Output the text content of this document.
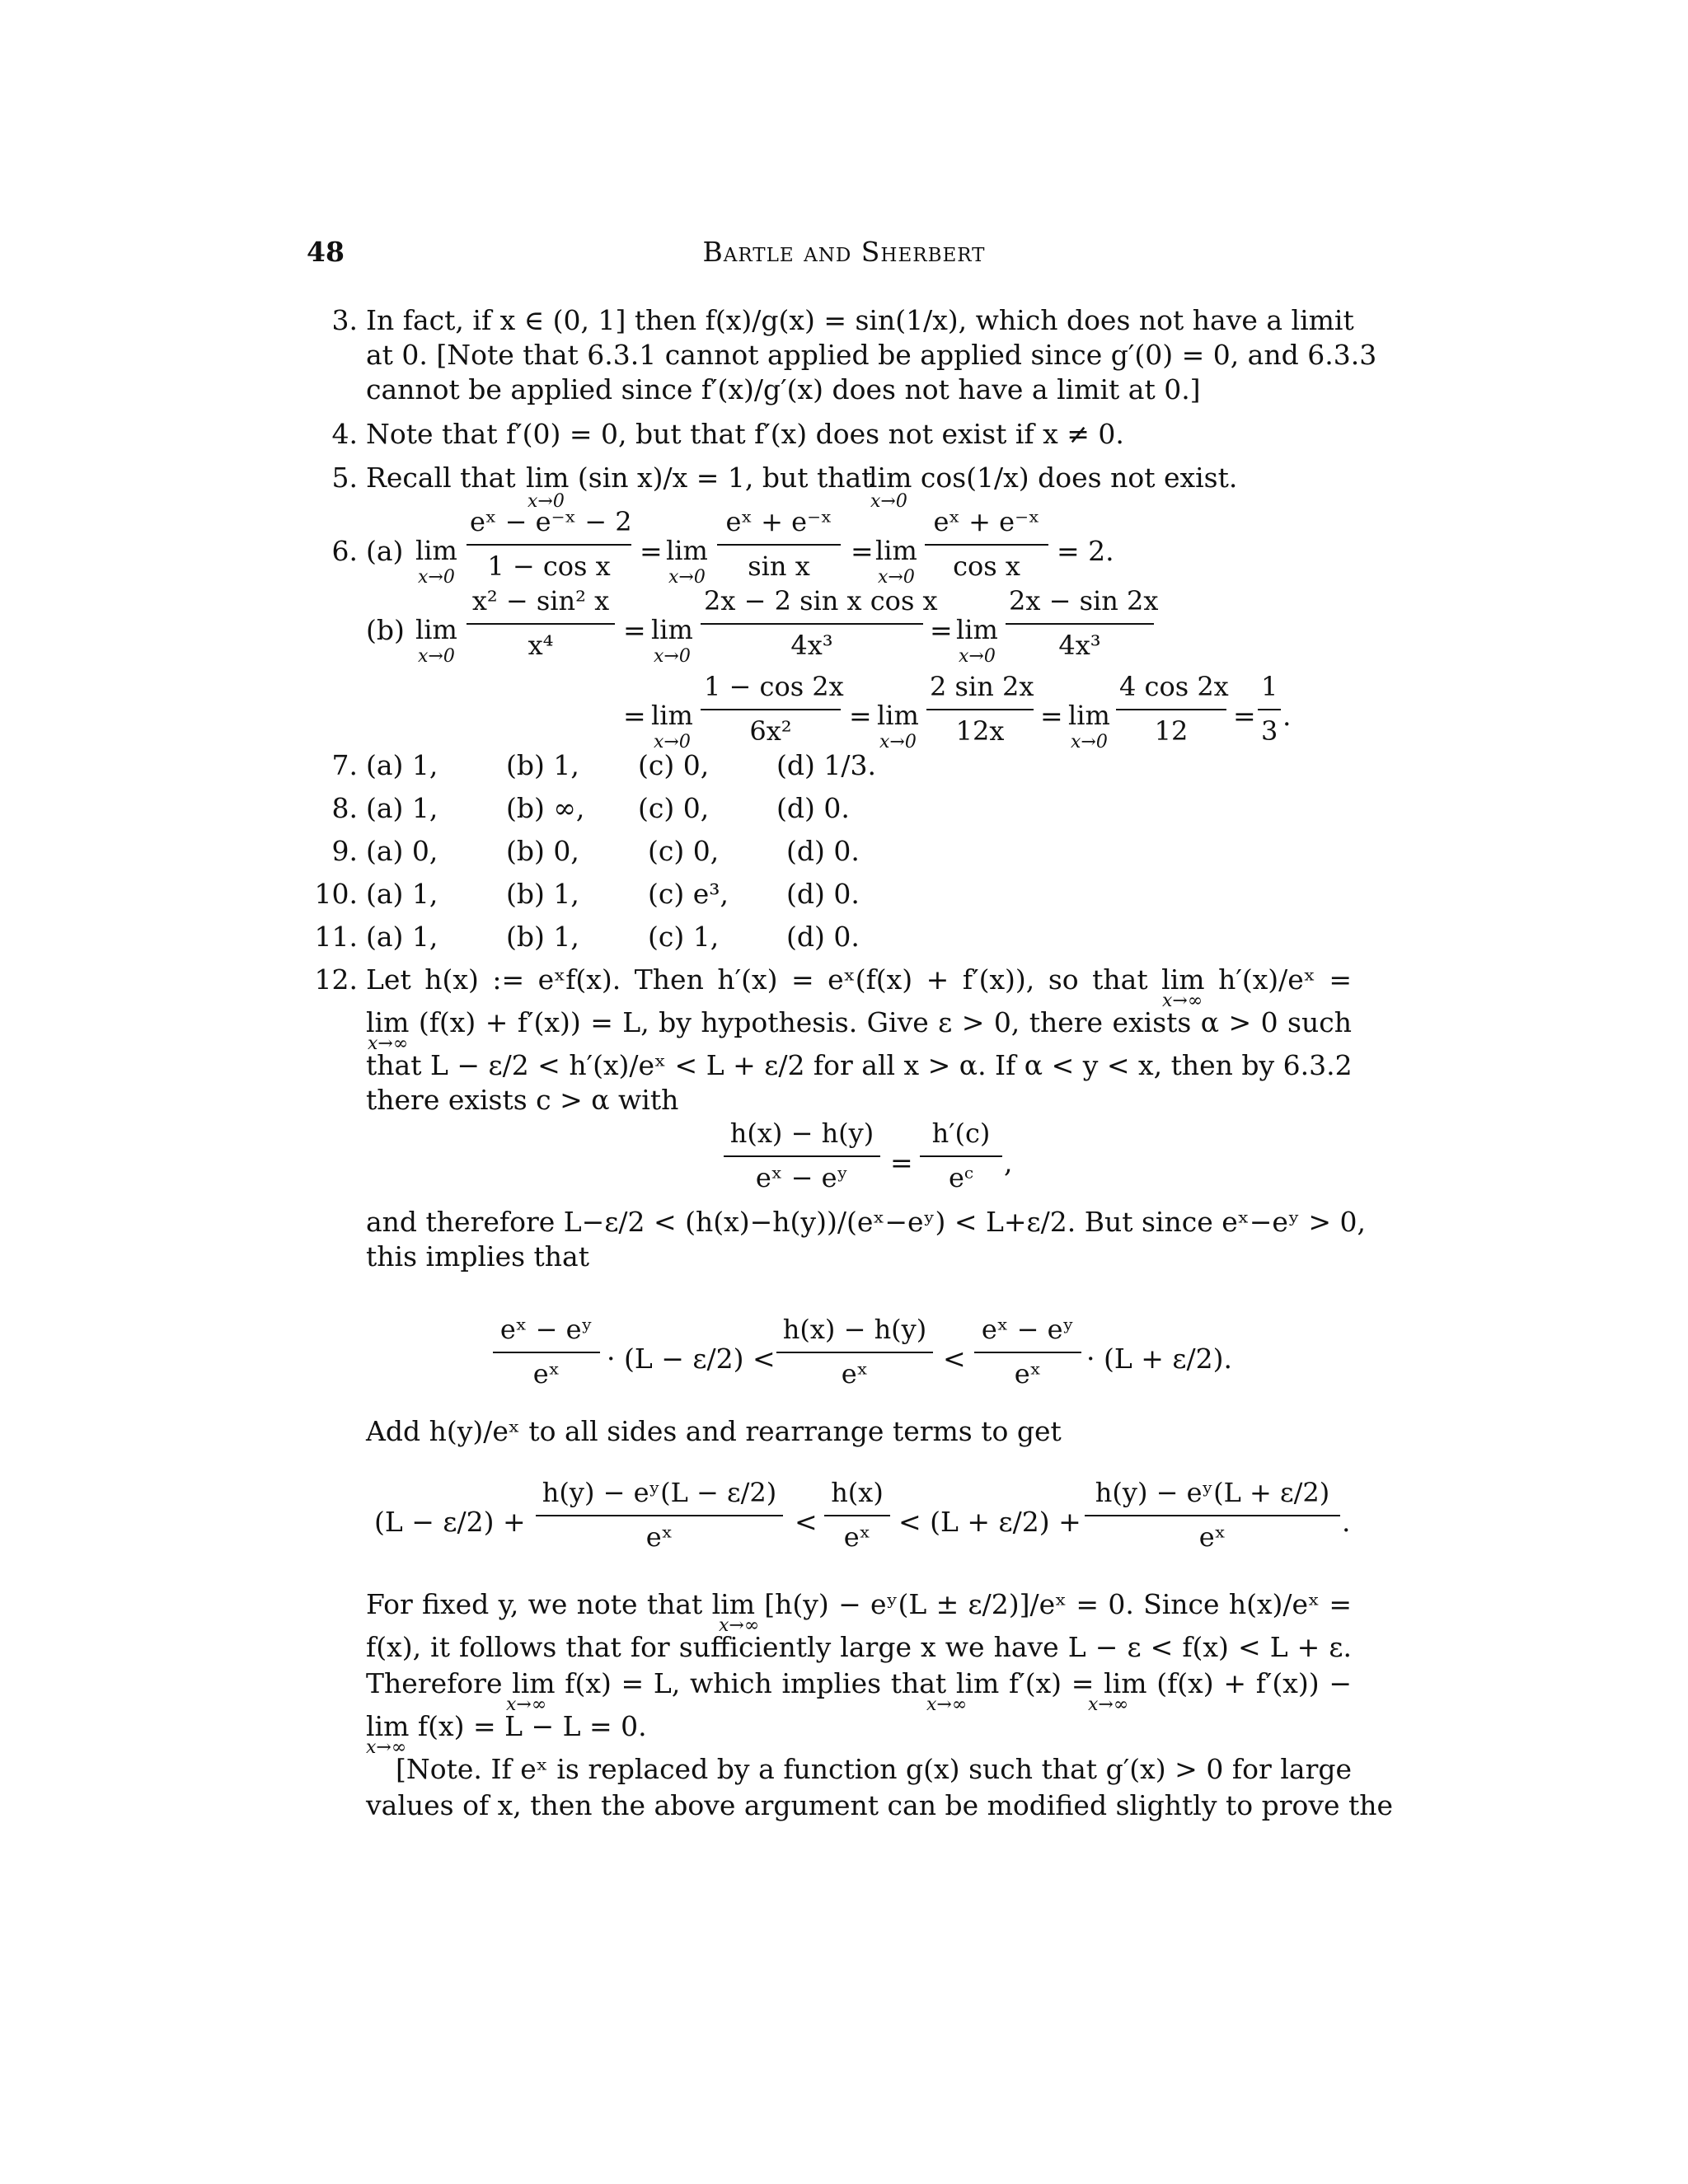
48	Bartle and Sherbert
3. In fact, if x ∈ (0, 1] then f(x)/g(x) = sin(1/x), which does not have a limit
at 0. [Note that 6.3.1 cannot applied be applied since g′(0) = 0, and 6.3.3
cannot be applied since f′(x)/g′(x) does not have a limit at 0.]
4. Note that f′(0) = 0, but that f′(x) does not exist if x ≠ 0.
5. Recall that lim (sin x)/x = 1, but that
x→0
lim cos(1/x) does not exist.
x→0
6. (a) lim
$x\to 0 \frac{\text{eˣ − e⁻ˣ − 2}}{\text{1 − cos x}} = \lim$
$x\to 0 \frac{\text{eˣ + e⁻ˣ}}{\text{sin x}} = \lim$
$x\to 0 \frac{\text{eˣ + e⁻ˣ}}{\text{cos x}} = 2$.
(b) lim
$x\to 0 \frac{\text{x² − sin² x}}{\text{x⁴}} = \lim$
$x\to 0 \frac{\text{2x − 2 sin x cos x}}{\text{4x³}} = \lim$
$x\to 0 \frac{2x - \sin 2x}{\text{4x³}}$
= lim
$x\to 0 \frac{1 - \cos 2x}{\text{6x²}} = \lim$
$x\to 0 \frac{2 \sin 2x}{12x} = \lim$
$x\to 0 \frac{4 \cos 2x}{12} = \frac{1}{3}$ .
7. (a) 1,	(b) 1, (c) 0, (d) 1/3.
8. (a) 1,	(b) ∞, (c) 0, (d) 0.
9. (a) 0,	(b) 0,	(c) 0, (d) 0.
10. (a) 1,	(b) 1,	(c) e³, (d) 0.
11. (a) 1,	(b) 1,	(c) 1, (d) 0.
12. Let h(x) := eˣf(x). Then h′(x) = eˣ(f(x) + f′(x)), so that lim h′(x)/eˣ =
x→∞
lim (f(x) + f′(x)) = L, by hypothesis. Give ε > 0, there exists α > 0 such
x→∞
that L − ε/2 < h′(x)/eˣ < L + ε/2 for all x > α. If α < y < x, then by 6.3.2
there exists c > α with
$\frac{h(x) - h(y)}{\text{eˣ − eʸ}} = \frac{h'(c)}{\text{eᶜ}}$ ,
and therefore L−ε/2 < (h(x)−h(y))/(eˣ−eʸ) < L+ε/2. But since eˣ−eʸ > 0,
this implies that
$\frac{\text{eˣ − eʸ}}{\text{eˣ}} \cdot (L - \varepsilon/2) < \frac{h(x) - h(y)}{\text{eˣ}} < \frac{\text{eˣ − eʸ}}{\text{eˣ}} \cdot (L + \varepsilon/2)$.
Add h(y)/eˣ to all sides and rearrange terms to get
$(L - \varepsilon/2) + \frac{\text{h(y) − eʸ(L − ε/2)}}{\text{eˣ}} < \frac{h(x)}{\text{eˣ}} < (L + \varepsilon/2) + \frac{\text{h(y) − eʸ(L + ε/2)}}{\text{eˣ}}$ .
For fixed y, we note that lim [h(y) − eʸ(L ± ε/2)]/eˣ = 0. Since h(x)/eˣ =
x→∞
f(x), it follows that for sufficiently large x we have L − ε < f(x) < L + ε.
Therefore lim f(x) = L, which implies that lim f′(x) = lim (f(x) + f′(x)) −
x→∞	x→∞	x→∞
lim f(x) = L − L = 0.
x→∞
[Note. If eˣ is replaced by a function g(x) such that g′(x) > 0 for large
values of x, then the above argument can be modified slightly to prove the
